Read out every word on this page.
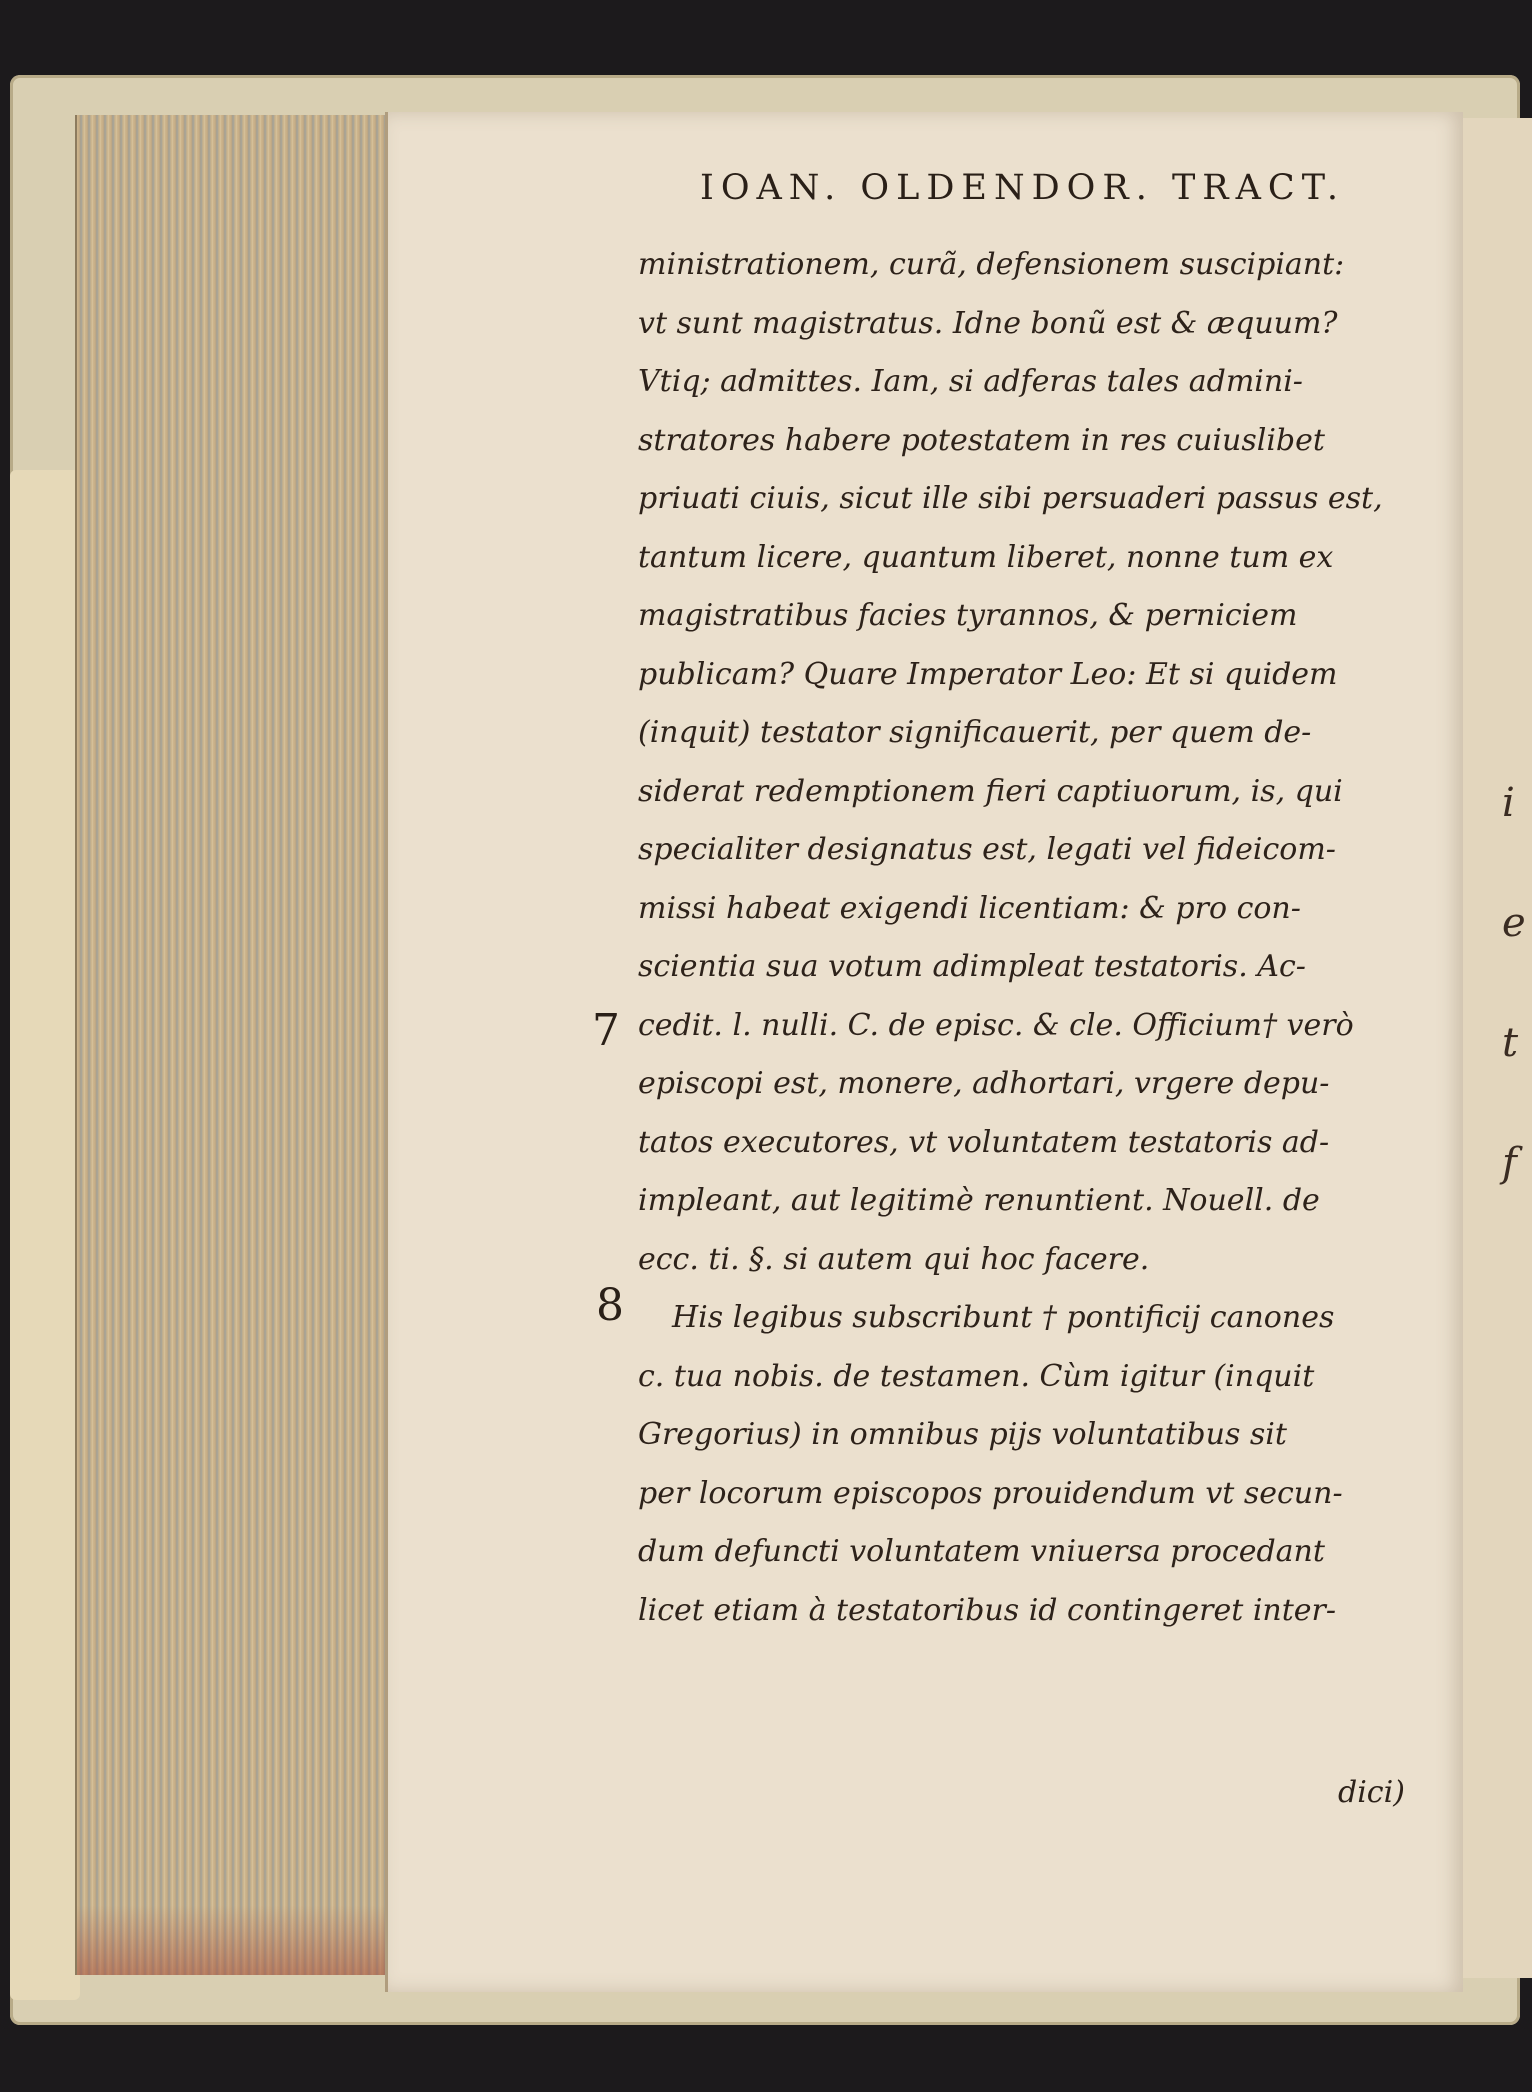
i
e
t
f
IOAN. OLDENDOR. TRACT.
ministrationem, curã, defensionem suscipiant:
vt sunt magistratus. Idne bonũ est & æquum?
Vtiq; admittes. Iam, si adferas tales admini-
stratores habere potestatem in res cuiuslibet
priuati ciuis, sicut ille sibi persuaderi passus est,
tantum licere, quantum liberet, nonne tum ex
magistratibus facies tyrannos, & perniciem
publicam? Quare Imperator Leo: Et si quidem
(inquit) testator significauerit, per quem de-
siderat redemptionem fieri captiuorum, is, qui
specialiter designatus est, legati vel fideicom-
missi habeat exigendi licentiam: & pro con-
scientia sua votum adimpleat testatoris. Ac-
cedit. l. nulli. C. de episc. & cle. Officium† verò
episcopi est, monere, adhortari, vrgere depu-
tatos executores, vt voluntatem testatoris ad-
impleant, aut legitimè renuntient. Nouell. de
ecc. ti. §. si autem qui hoc facere.
His legibus subscribunt † pontificij canones
c. tua nobis. de testamen. Cùm igitur (inquit
Gregorius) in omnibus pijs voluntatibus sit
per locorum episcopos prouidendum vt secun-
dum defuncti voluntatem vniuersa procedant
licet etiam à testatoribus id contingeret inter-
7
8
dici)
